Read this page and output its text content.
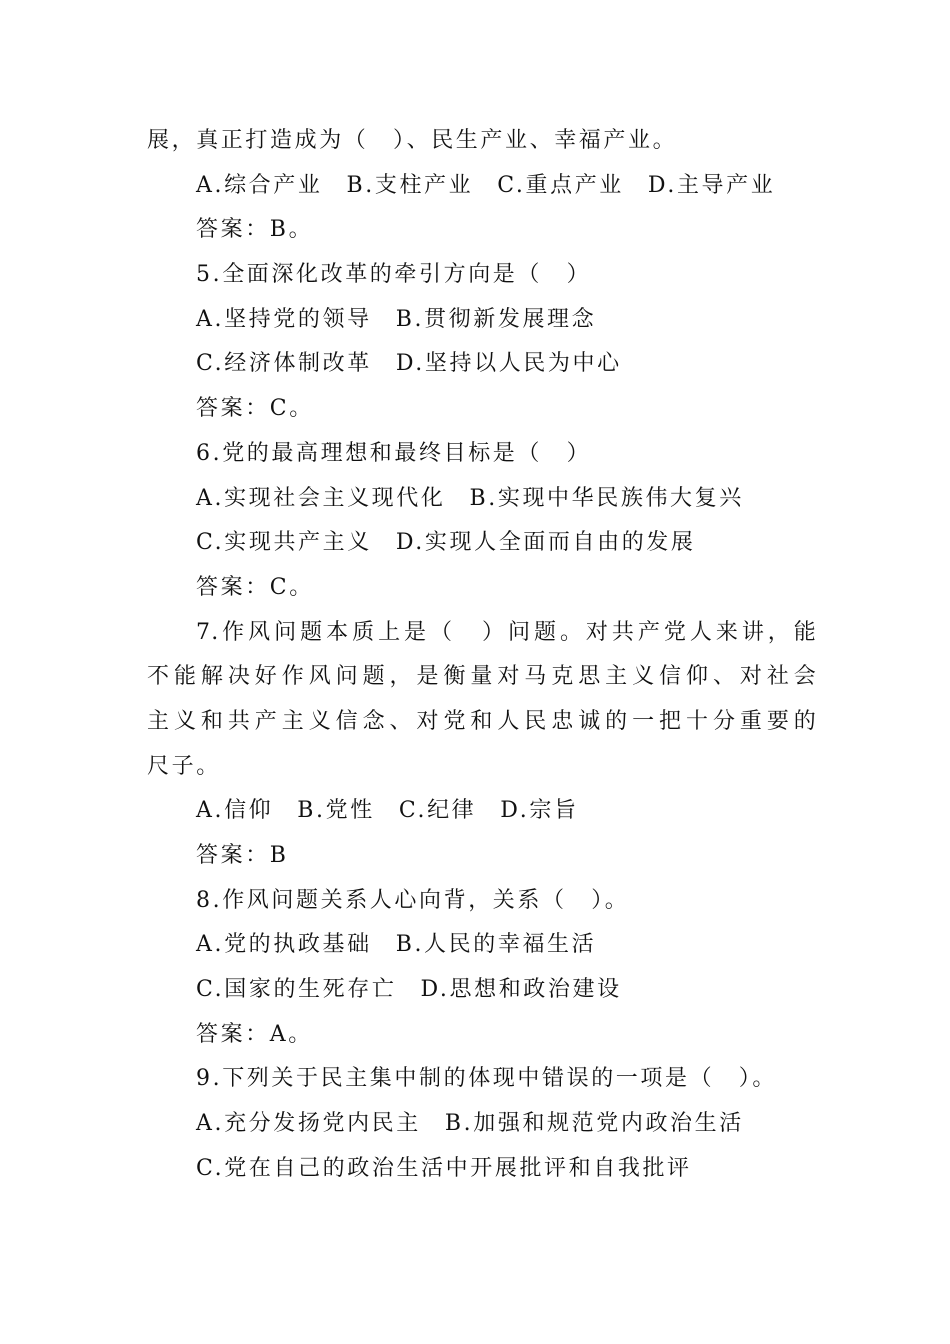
展，真正打造成为（　）、民生产业、幸福产业。
A.综合产业 B.支柱产业 C.重点产业 D.主导产业
答案：B。
5.全面深化改革的牵引方向是（　）
A.坚持党的领导 B.贯彻新发展理念
C.经济体制改革 D.坚持以人民为中心
答案：C。
6.党的最高理想和最终目标是（　）
A.实现社会主义现代化 B.实现中华民族伟大复兴
C.实现共产主义 D.实现人全面而自由的发展
答案：C。
7.作风问题本质上是（　）问题。对共产党人来讲，能
不能解决好作风问题，是衡量对马克思主义信仰、对社会
主义和共产主义信念、对党和人民忠诚的一把十分重要的
尺子。
A.信仰 B.党性 C.纪律 D.宗旨
答案：B
8.作风问题关系人心向背，关系（　）。
A.党的执政基础 B.人民的幸福生活
C.国家的生死存亡 D.思想和政治建设
答案：A。
9.下列关于民主集中制的体现中错误的一项是（　）。
A.充分发扬党内民主 B.加强和规范党内政治生活
C.党在自己的政治生活中开展批评和自我批评
